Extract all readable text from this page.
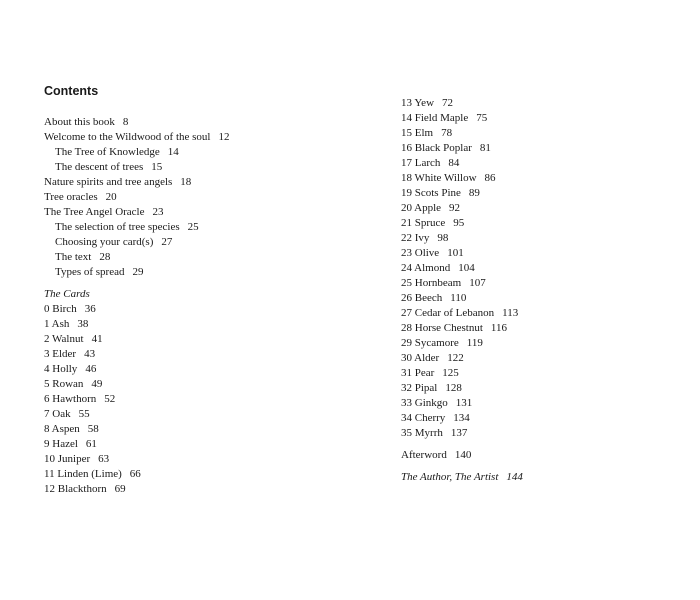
Contents
About this book 8
Welcome to the Wildwood of the soul 12
The Tree of Knowledge 14
The descent of trees 15
Nature spirits and tree angels 18
Tree oracles 20
The Tree Angel Oracle 23
The selection of tree species 25
Choosing your card(s) 27
The text 28
Types of spread 29
The Cards
0 Birch 36
1 Ash 38
2 Walnut 41
3 Elder 43
4 Holly 46
5 Rowan 49
6 Hawthorn 52
7 Oak 55
8 Aspen 58
9 Hazel 61
10 Juniper 63
11 Linden (Lime) 66
12 Blackthorn 69
13 Yew 72
14 Field Maple 75
15 Elm 78
16 Black Poplar 81
17 Larch 84
18 White Willow 86
19 Scots Pine 89
20 Apple 92
21 Spruce 95
22 Ivy 98
23 Olive 101
24 Almond 104
25 Hornbeam 107
26 Beech 110
27 Cedar of Lebanon 113
28 Horse Chestnut 116
29 Sycamore 119
30 Alder 122
31 Pear 125
32 Pipal 128
33 Ginkgo 131
34 Cherry 134
35 Myrrh 137
Afterword 140
The Author, The Artist 144
